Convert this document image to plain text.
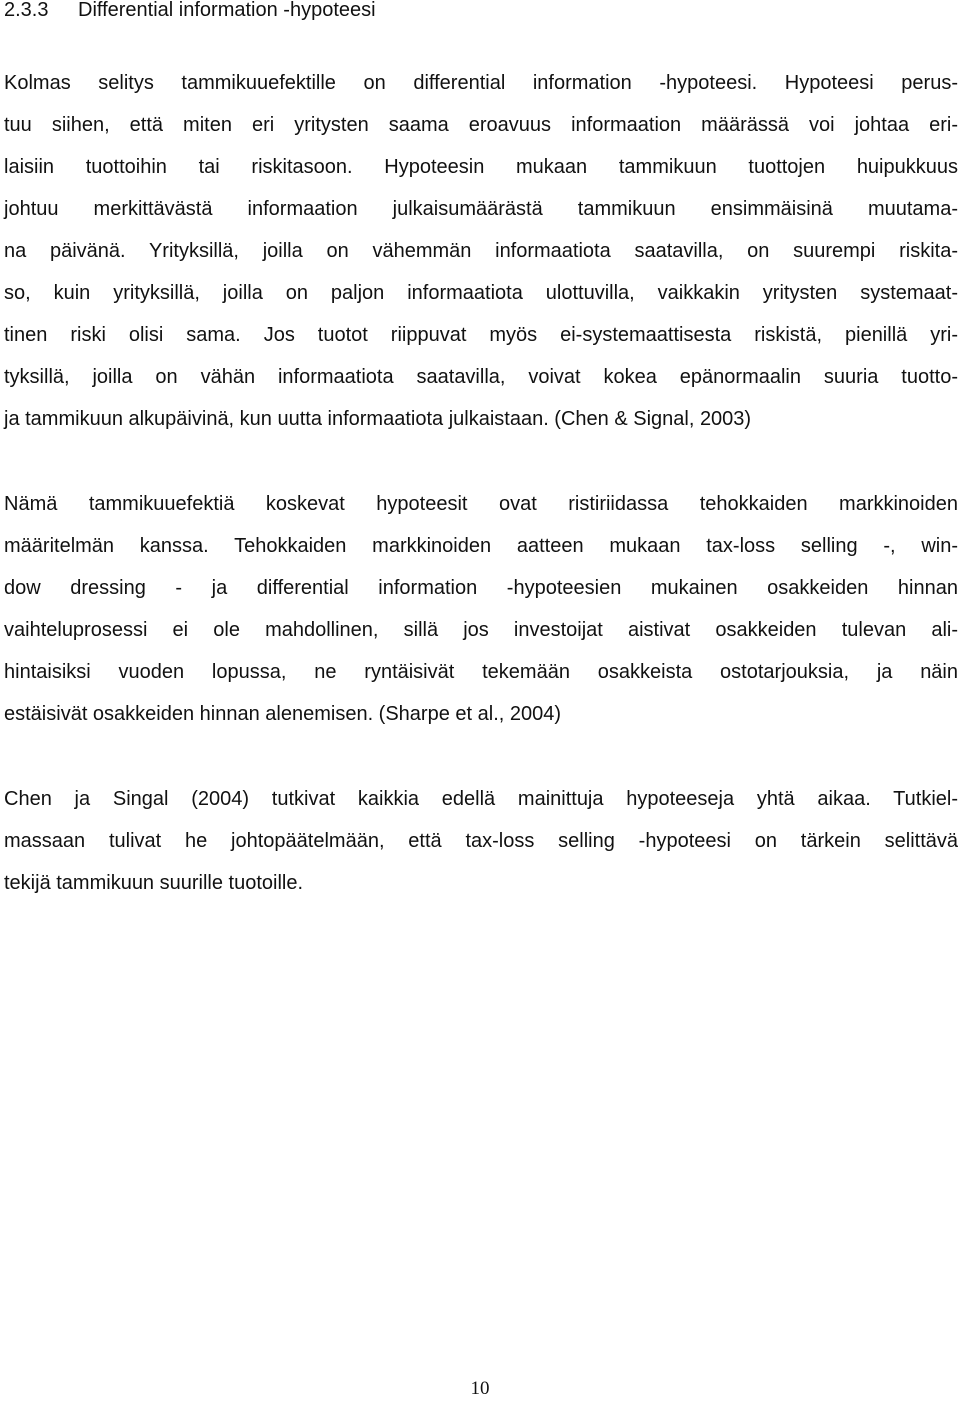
2.3.3 Differential information -hypoteesi

Kolmas selitys tammikuuefektille on differential information -hypoteesi. Hypoteesi perus-
tuu siihen, että miten eri yritysten saama eroavuus informaation määrässä voi johtaa eri-
laisiin tuottoihin tai riskitasoon. Hypoteesin mukaan tammikuun tuottojen huipukkuus
johtuu merkittävästä informaation julkaisumäärästä tammikuun ensimmäisinä muutama-
na päivänä. Yrityksillä, joilla on vähemmän informaatiota saatavilla, on suurempi riskita-
so, kuin yrityksillä, joilla on paljon informaatiota ulottuvilla, vaikkakin yritysten systemaat-
tinen riski olisi sama. Jos tuotot riippuvat myös ei-systemaattisesta riskistä, pienillä yri-
tyksillä, joilla on vähän informaatiota saatavilla, voivat kokea epänormaalin suuria tuotto-
ja tammikuun alkupäivinä, kun uutta informaatiota julkaistaan. (Chen & Signal, 2003)

Nämä tammikuuefektiä koskevat hypoteesit ovat ristiriidassa tehokkaiden markkinoiden
määritelmän kanssa. Tehokkaiden markkinoiden aatteen mukaan tax-loss selling -, win-
dow dressing - ja differential information -hypoteesien mukainen osakkeiden hinnan
vaihteluprosessi ei ole mahdollinen, sillä jos investoijat aistivat osakkeiden tulevan ali-
hintaisiksi vuoden lopussa, ne ryntäisivät tekemään osakkeista ostotarjouksia, ja näin
estäisivät osakkeiden hinnan alenemisen. (Sharpe et al., 2004)

Chen ja Singal (2004) tutkivat kaikkia edellä mainittuja hypoteeseja yhtä aikaa. Tutkiel-
massaan tulivat he johtopäätelmään, että tax-loss selling -hypoteesi on tärkein selittävä
tekijä tammikuun suurille tuotoille.

10
